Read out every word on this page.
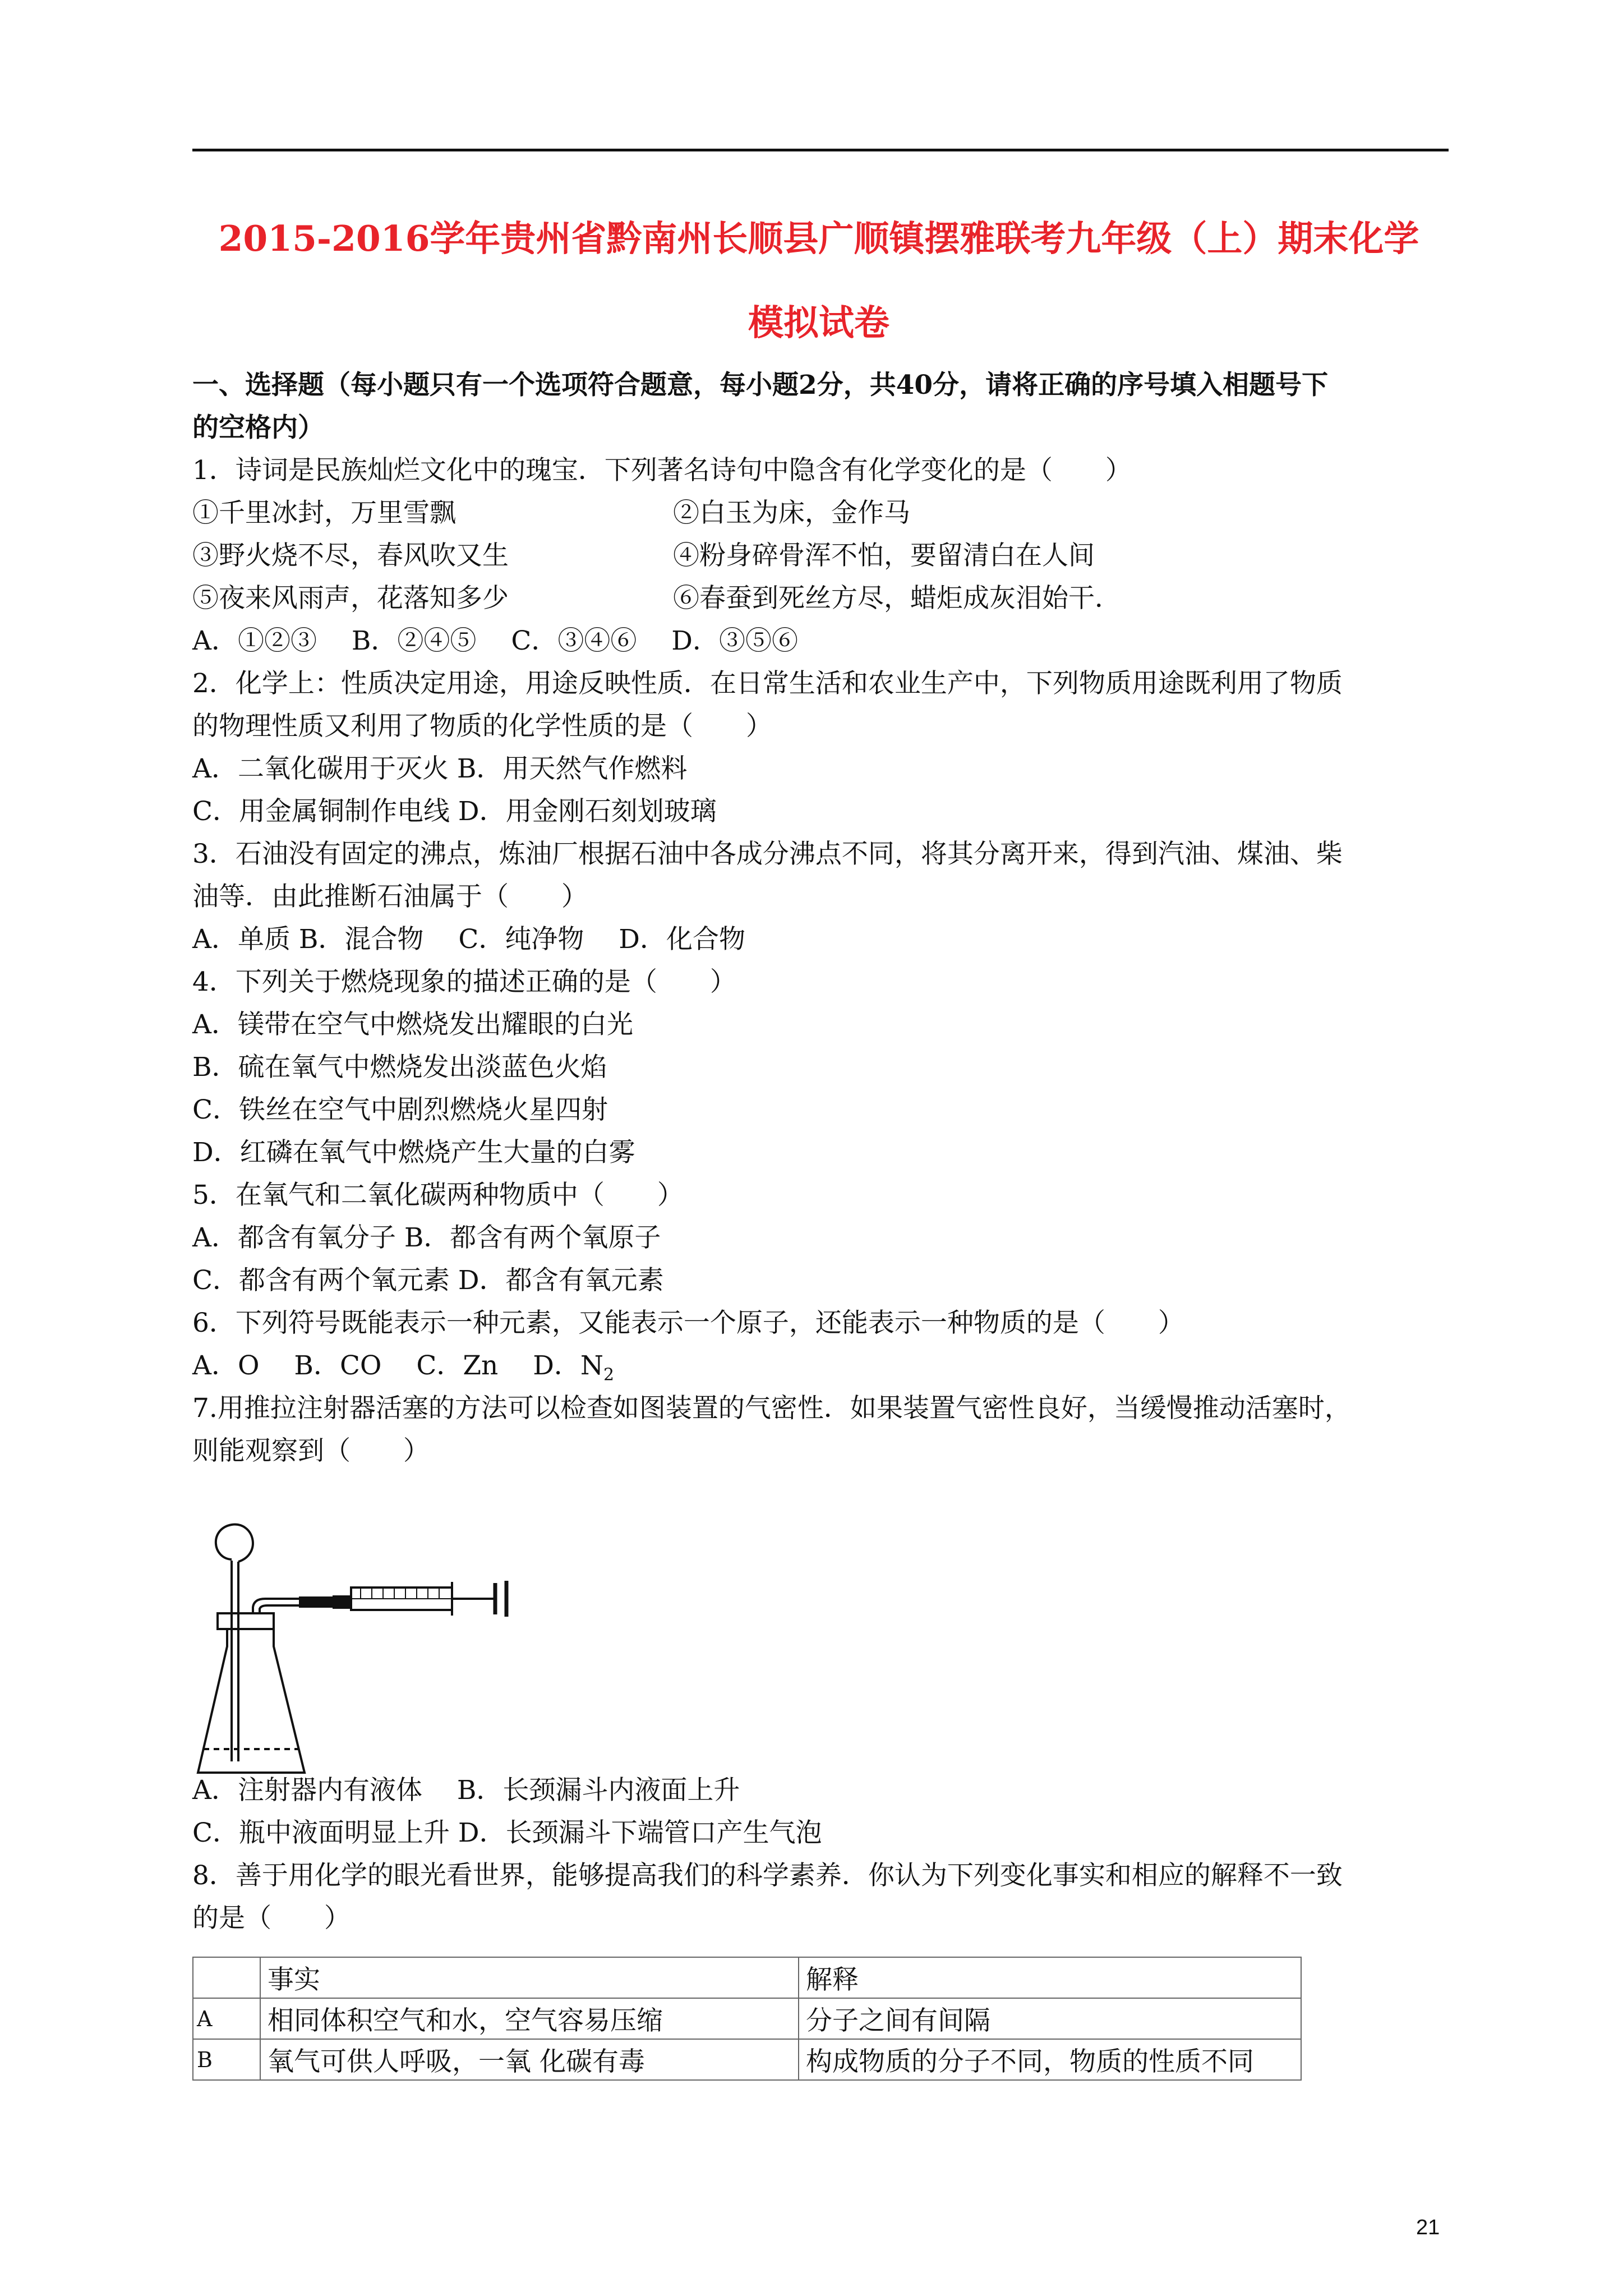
2015-2016学年贵州省黔南州长顺县广顺镇摆雅联考九年级（上）期末化学
模拟试卷
一、选择题（每小题只有一个选项符合题意，每小题2分，共40分，请将正确的序号填入相题号下
的空格内）
1．诗词是民族灿烂文化中的瑰宝．下列著名诗句中隐含有化学变化的是（　　）
①千里冰封，万里雪飘	②白玉为床，金作马
③野火烧不尽，春风吹又生	④粉身碎骨浑不怕，要留清白在人间
⑤夜来风雨声，花落知多少	⑥春蚕到死丝方尽，蜡炬成灰泪始干．
A．①②③　 B．②④⑤　 C．③④⑥　 D．③⑤⑥
2．化学上：性质决定用途，用途反映性质．在日常生活和农业生产中，下列物质用途既利用了物质
的物理性质又利用了物质的化学性质的是（　　）
A．二氧化碳用于灭火 B．用天然气作燃料
C．用金属铜制作电线 D．用金刚石刻划玻璃
3．石油没有固定的沸点，炼油厂根据石油中各成分沸点不同，将其分离开来，得到汽油、煤油、柴
油等．由此推断石油属于（　　）
A．单质 B．混合物　 C．纯净物　 D．化合物
4．下列关于燃烧现象的描述正确的是（　　）
A．镁带在空气中燃烧发出耀眼的白光
B．硫在氧气中燃烧发出淡蓝色火焰
C．铁丝在空气中剧烈燃烧火星四射
D．红磷在氧气中燃烧产生大量的白雾
5．在氧气和二氧化碳两种物质中（　　）
A．都含有氧分子 B．都含有两个氧原子
C．都含有两个氧元素 D．都含有氧元素
6．下列符号既能表示一种元素，又能表示一个原子，还能表示一种物质的是（　　）
A．O　 B．CO　 C．Zn　 D．$N_2$
7.用推拉注射器活塞的方法可以检查如图装置的气密性．如果装置气密性良好，当缓慢推动活塞时，
则能观察到（　　）
A．注射器内有液体　 B．长颈漏斗内液面上升
C．瓶中液面明显上升 D．长颈漏斗下端管口产生气泡
8．善于用化学的眼光看世界，能够提高我们的科学素养．你认为下列变化事实和相应的解释不一致
的是（　　）
	事实	解释
A	相同体积空气和水，空气容易压缩	分子之间有间隔
B	氧气可供人呼吸，一氧 化碳有毒	构成物质的分子不同，物质的性质不同
21
